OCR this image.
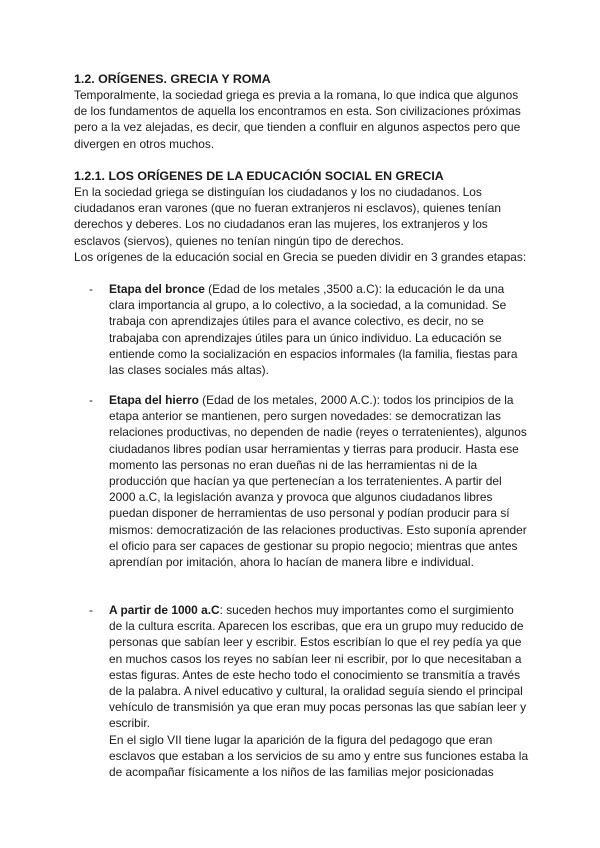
1.2. ORÍGENES. GRECIA Y ROMA

Temporalmente, la sociedad griega es previa a la romana, lo que indica que algunos de los fundamentos de aquella los encontramos en esta. Son civilizaciones próximas pero a la vez alejadas, es decir, que tienden a confluir en algunos aspectos pero que divergen en otros muchos.

1.2.1. LOS ORÍGENES DE LA EDUCACIÓN SOCIAL EN GRECIA

En la sociedad griega se distinguían los ciudadanos y los no ciudadanos. Los ciudadanos eran varones (que no fueran extranjeros ni esclavos), quienes tenían derechos y deberes. Los no ciudadanos eran las mujeres, los extranjeros y los esclavos (siervos), quienes no tenían ningún tipo de derechos.

Los orígenes de la educación social en Grecia se pueden dividir en 3 grandes etapas:

- Etapa del bronce (Edad de los metales ,3500 a.C): la educación le da una clara importancia al grupo, a lo colectivo, a la sociedad, a la comunidad. Se trabaja con aprendizajes útiles para el avance colectivo, es decir, no se trabajaba con aprendizajes útiles para un único individuo. La educación se entiende como la socialización en espacios informales (la familia, fiestas para las clases sociales más altas).

- Etapa del hierro (Edad de los metales, 2000 A.C.): todos los principios de la etapa anterior se mantienen, pero surgen novedades: se democratizan las relaciones productivas, no dependen de nadie (reyes o terratenientes), algunos ciudadanos libres podían usar herramientas y tierras para producir. Hasta ese momento las personas no eran dueñas ni de las herramientas ni de la producción que hacían ya que pertenecían a los terratenientes. A partir del 2000 a.C, la legislación avanza y provoca que algunos ciudadanos libres puedan disponer de herramientas de uso personal y podían producir para sí mismos: democratización de las relaciones productivas. Esto suponía aprender el oficio para ser capaces de gestionar su propio negocio; mientras que antes aprendían por imitación, ahora lo hacían de manera libre e individual.

- A partir de 1000 a.C: suceden hechos muy importantes como el surgimiento de la cultura escrita. Aparecen los escribas, que era un grupo muy reducido de personas que sabían leer y escribir. Estos escribían lo que el rey pedía ya que en muchos casos los reyes no sabían leer ni escribir, por lo que necesitaban a estas figuras. Antes de este hecho todo el conocimiento se transmitía a través de la palabra. A nivel educativo y cultural, la oralidad seguía siendo el principal vehículo de transmisión ya que eran muy pocas personas las que sabían leer y escribir.

En el siglo VII tiene lugar la aparición de la figura del pedagogo que eran esclavos que estaban a los servicios de su amo y entre sus funciones estaba la de acompañar físicamente a los niños de las familias mejor posicionadas
